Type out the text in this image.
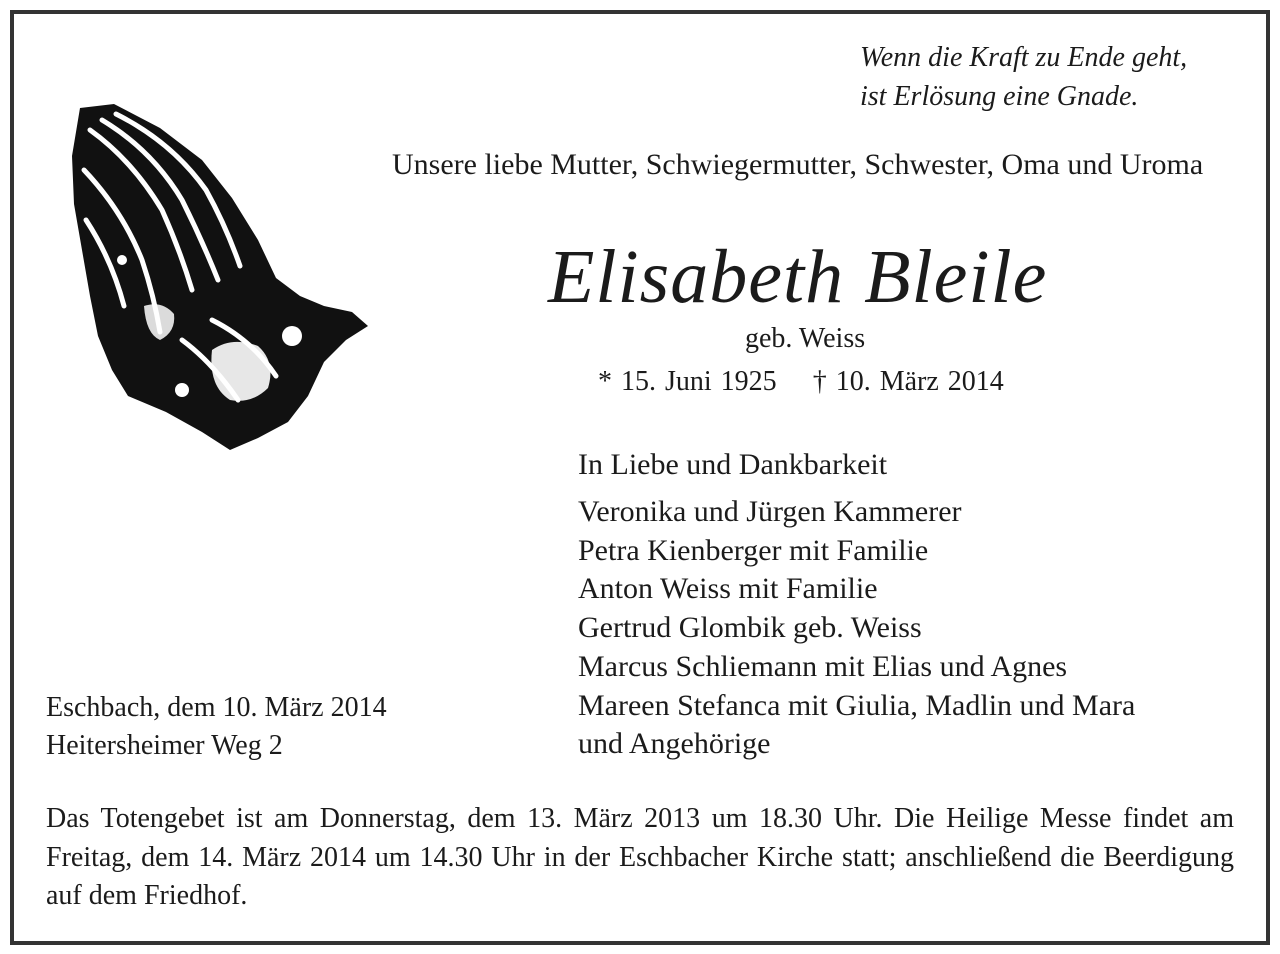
Wenn die Kraft zu Ende geht,
ist Erlösung eine Gnade.
Unsere liebe Mutter, Schwiegermutter, Schwester, Oma und Uroma
Elisabeth Bleile
geb. Weiss
* 15. Juni 1925 † 10. März 2014
In Liebe und Dankbarkeit
Veronika und Jürgen Kammerer
Petra Kienberger mit Familie
Anton Weiss mit Familie
Gertrud Glombik geb. Weiss
Marcus Schliemann mit Elias und Agnes
Mareen Stefanca mit Giulia, Madlin und Mara
und Angehörige
Eschbach, dem 10. März 2014
Heitersheimer Weg 2
Das Totengebet ist am Donnerstag, dem 13. März 2013 um 18.30 Uhr. Die Heilige Messe findet am Freitag, dem 14. März 2014 um 14.30 Uhr in der Eschbacher Kirche statt; anschließend die Beerdigung auf dem Friedhof.
